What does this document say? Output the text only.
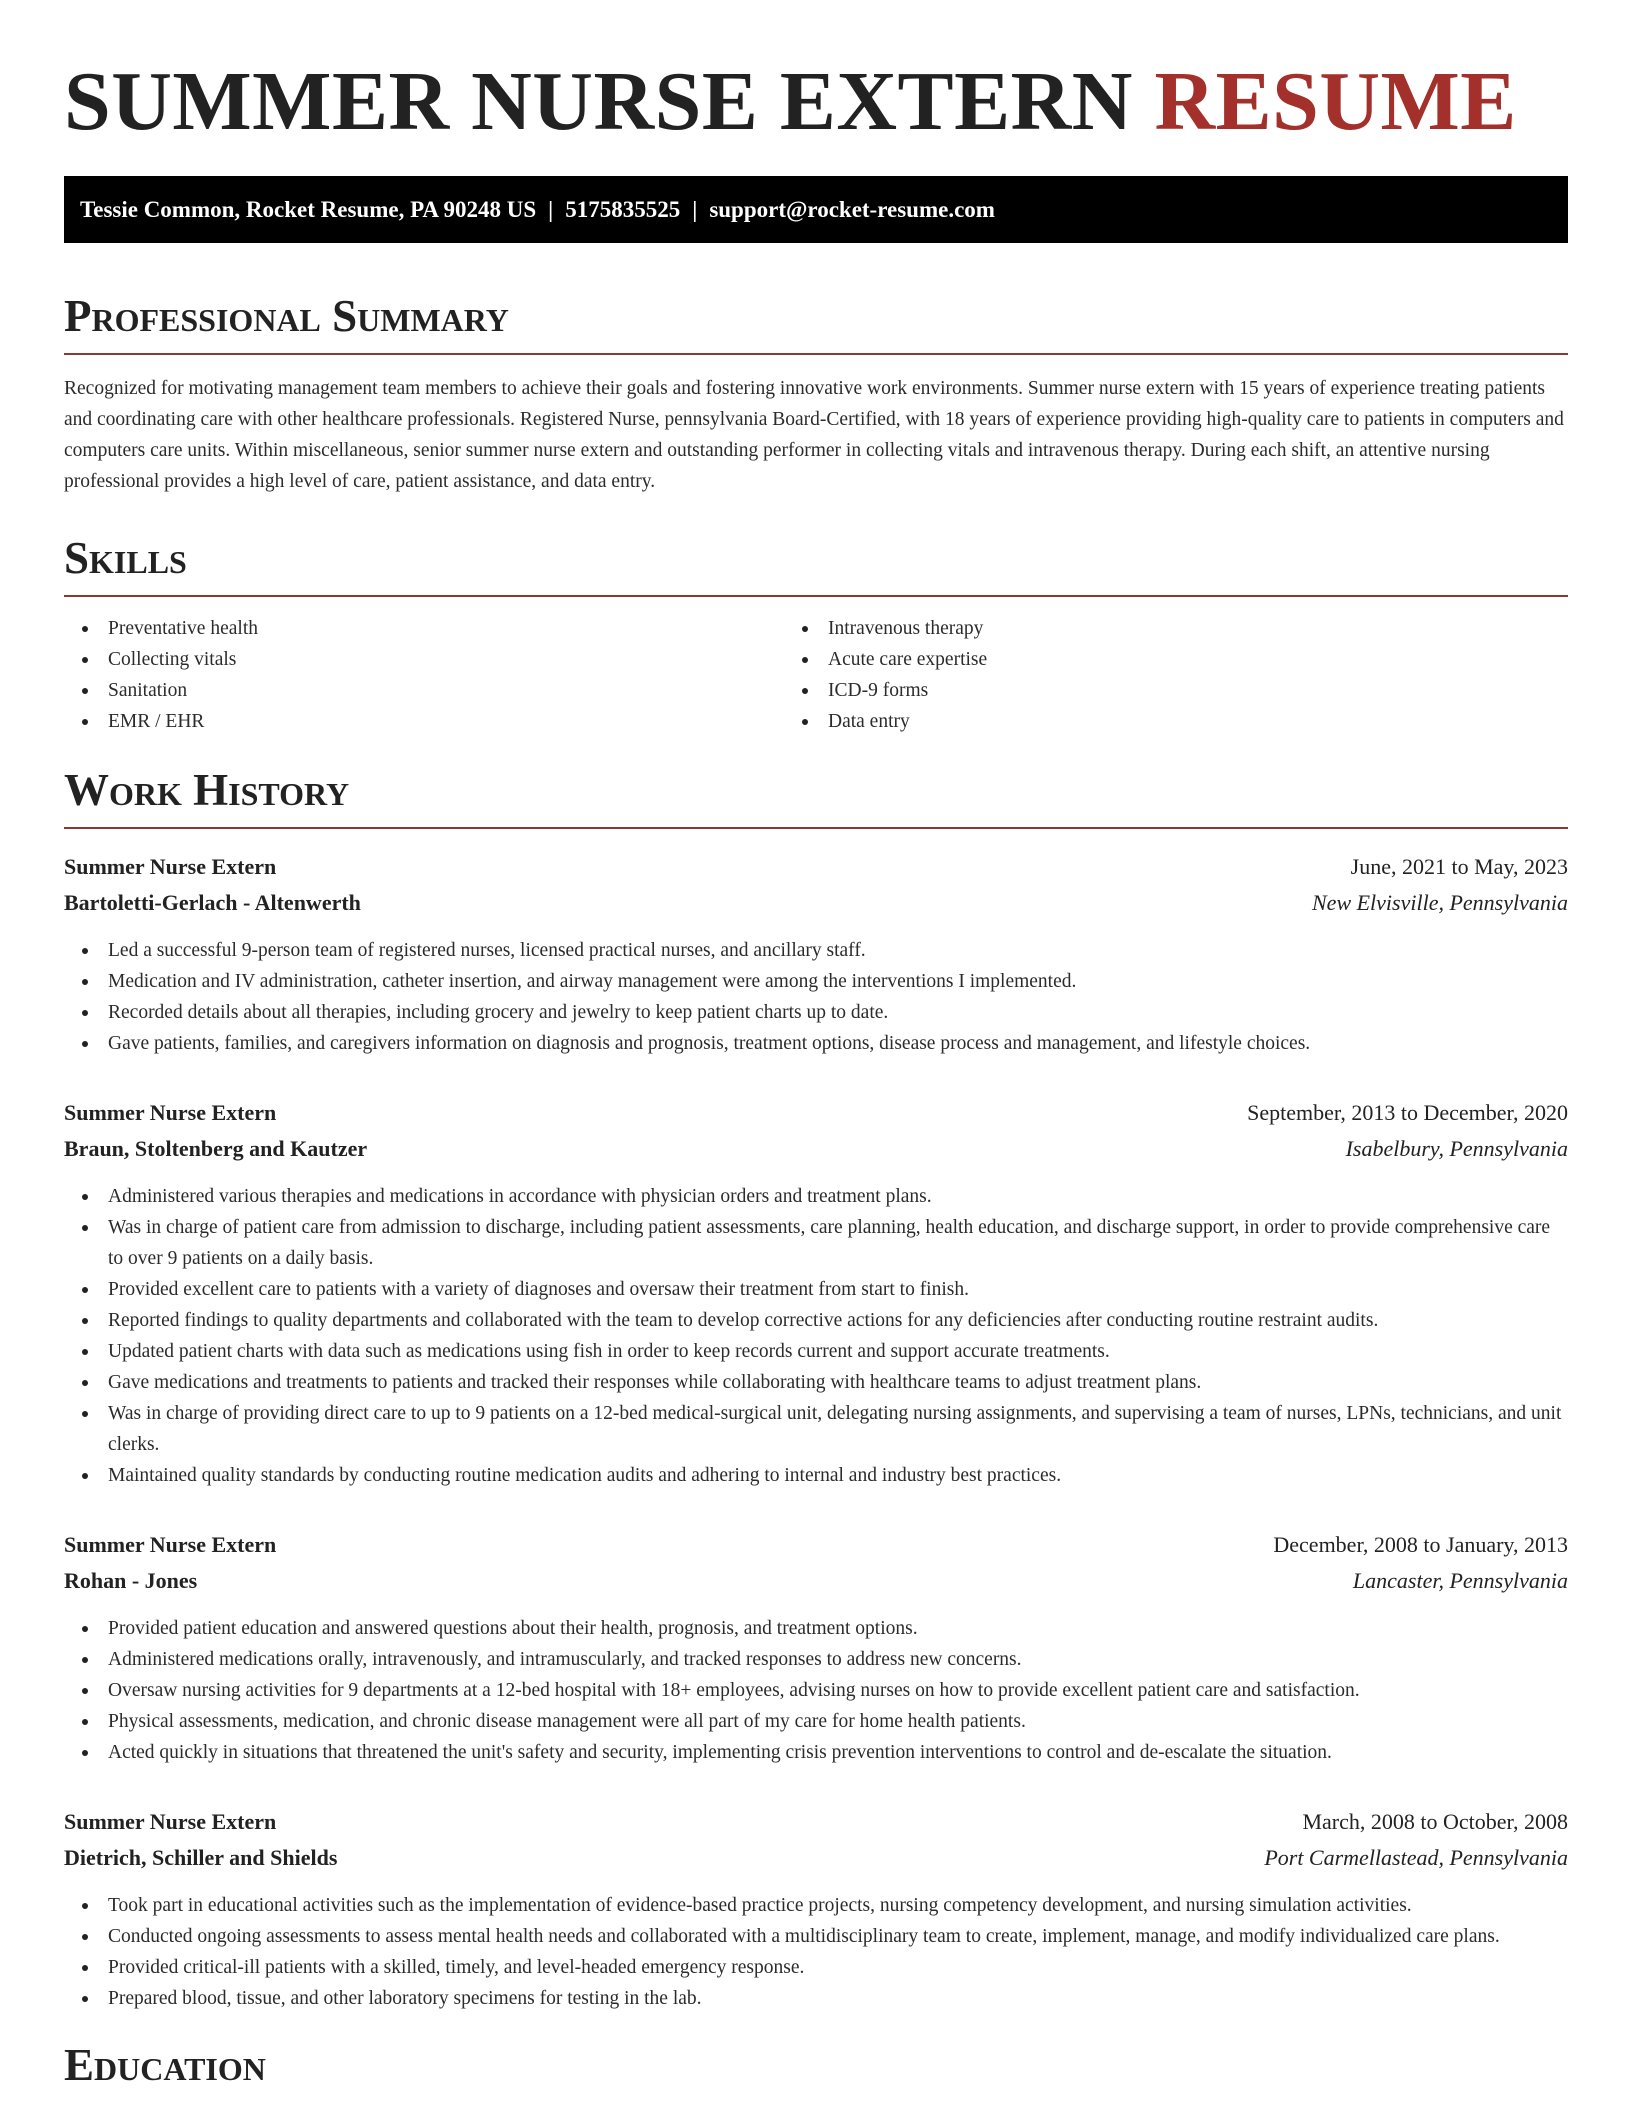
SUMMER NURSE EXTERN RESUME
Tessie Common, Rocket Resume, PA 90248 US | 5175835525 | support@rocket-resume.com
Professional Summary

Recognized for motivating management team members to achieve their goals and fostering innovative work environments. Summer nurse extern with 15 years of experience treating patients and coordinating care with other healthcare professionals. Registered Nurse, pennsylvania Board-Certified, with 18 years of experience providing high-quality care to patients in computers and computers care units. Within miscellaneous, senior summer nurse extern and outstanding performer in collecting vitals and intravenous therapy. During each shift, an attentive nursing professional provides a high level of care, patient assistance, and data entry.

Skills
Preventative health
Collecting vitals
Sanitation
EMR / EHR
Intravenous therapy
Acute care expertise
ICD-9 forms
Data entry
Work History
Summer Nurse Extern	June, 2021 to May, 2023
Bartoletti-Gerlach - Altenwerth	New Elvisville, Pennsylvania
Led a successful 9-person team of registered nurses, licensed practical nurses, and ancillary staff.
Medication and IV administration, catheter insertion, and airway management were among the interventions I implemented.
Recorded details about all therapies, including grocery and jewelry to keep patient charts up to date.
Gave patients, families, and caregivers information on diagnosis and prognosis, treatment options, disease process and management, and lifestyle choices.
Summer Nurse Extern	September, 2013 to December, 2020
Braun, Stoltenberg and Kautzer	Isabelbury, Pennsylvania
Administered various therapies and medications in accordance with physician orders and treatment plans.
Was in charge of patient care from admission to discharge, including patient assessments, care planning, health education, and discharge support, in order to provide comprehensive care to over 9 patients on a daily basis.
Provided excellent care to patients with a variety of diagnoses and oversaw their treatment from start to finish.
Reported findings to quality departments and collaborated with the team to develop corrective actions for any deficiencies after conducting routine restraint audits.
Updated patient charts with data such as medications using fish in order to keep records current and support accurate treatments.
Gave medications and treatments to patients and tracked their responses while collaborating with healthcare teams to adjust treatment plans.
Was in charge of providing direct care to up to 9 patients on a 12-bed medical-surgical unit, delegating nursing assignments, and supervising a team of nurses, LPNs, technicians, and unit clerks.
Maintained quality standards by conducting routine medication audits and adhering to internal and industry best practices.
Summer Nurse Extern	December, 2008 to January, 2013
Rohan - Jones	Lancaster, Pennsylvania
Provided patient education and answered questions about their health, prognosis, and treatment options.
Administered medications orally, intravenously, and intramuscularly, and tracked responses to address new concerns.
Oversaw nursing activities for 9 departments at a 12-bed hospital with 18+ employees, advising nurses on how to provide excellent patient care and satisfaction.
Physical assessments, medication, and chronic disease management were all part of my care for home health patients.
Acted quickly in situations that threatened the unit's safety and security, implementing crisis prevention interventions to control and de-escalate the situation.
Summer Nurse Extern	March, 2008 to October, 2008
Dietrich, Schiller and Shields	Port Carmellastead, Pennsylvania
Took part in educational activities such as the implementation of evidence-based practice projects, nursing competency development, and nursing simulation activities.
Conducted ongoing assessments to assess mental health needs and collaborated with a multidisciplinary team to create, implement, manage, and modify individualized care plans.
Provided critical-ill patients with a skilled, timely, and level-headed emergency response.
Prepared blood, tissue, and other laboratory specimens for testing in the lab.
Education
